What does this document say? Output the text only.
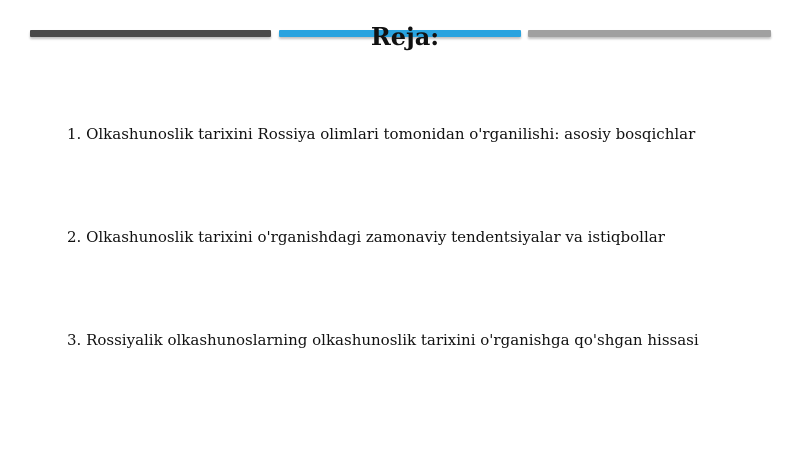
Reja:
1. Olkashunoslik tarixini Rossiya olimlari tomonidan o'rganilishi: asosiy bosqichlar
2. Olkashunoslik tarixini o'rganishdagi zamonaviy tendentsiyalar va istiqbollar
3. Rossiyalik olkashunoslarning olkashunoslik tarixini o'rganishga qo'shgan hissasi
